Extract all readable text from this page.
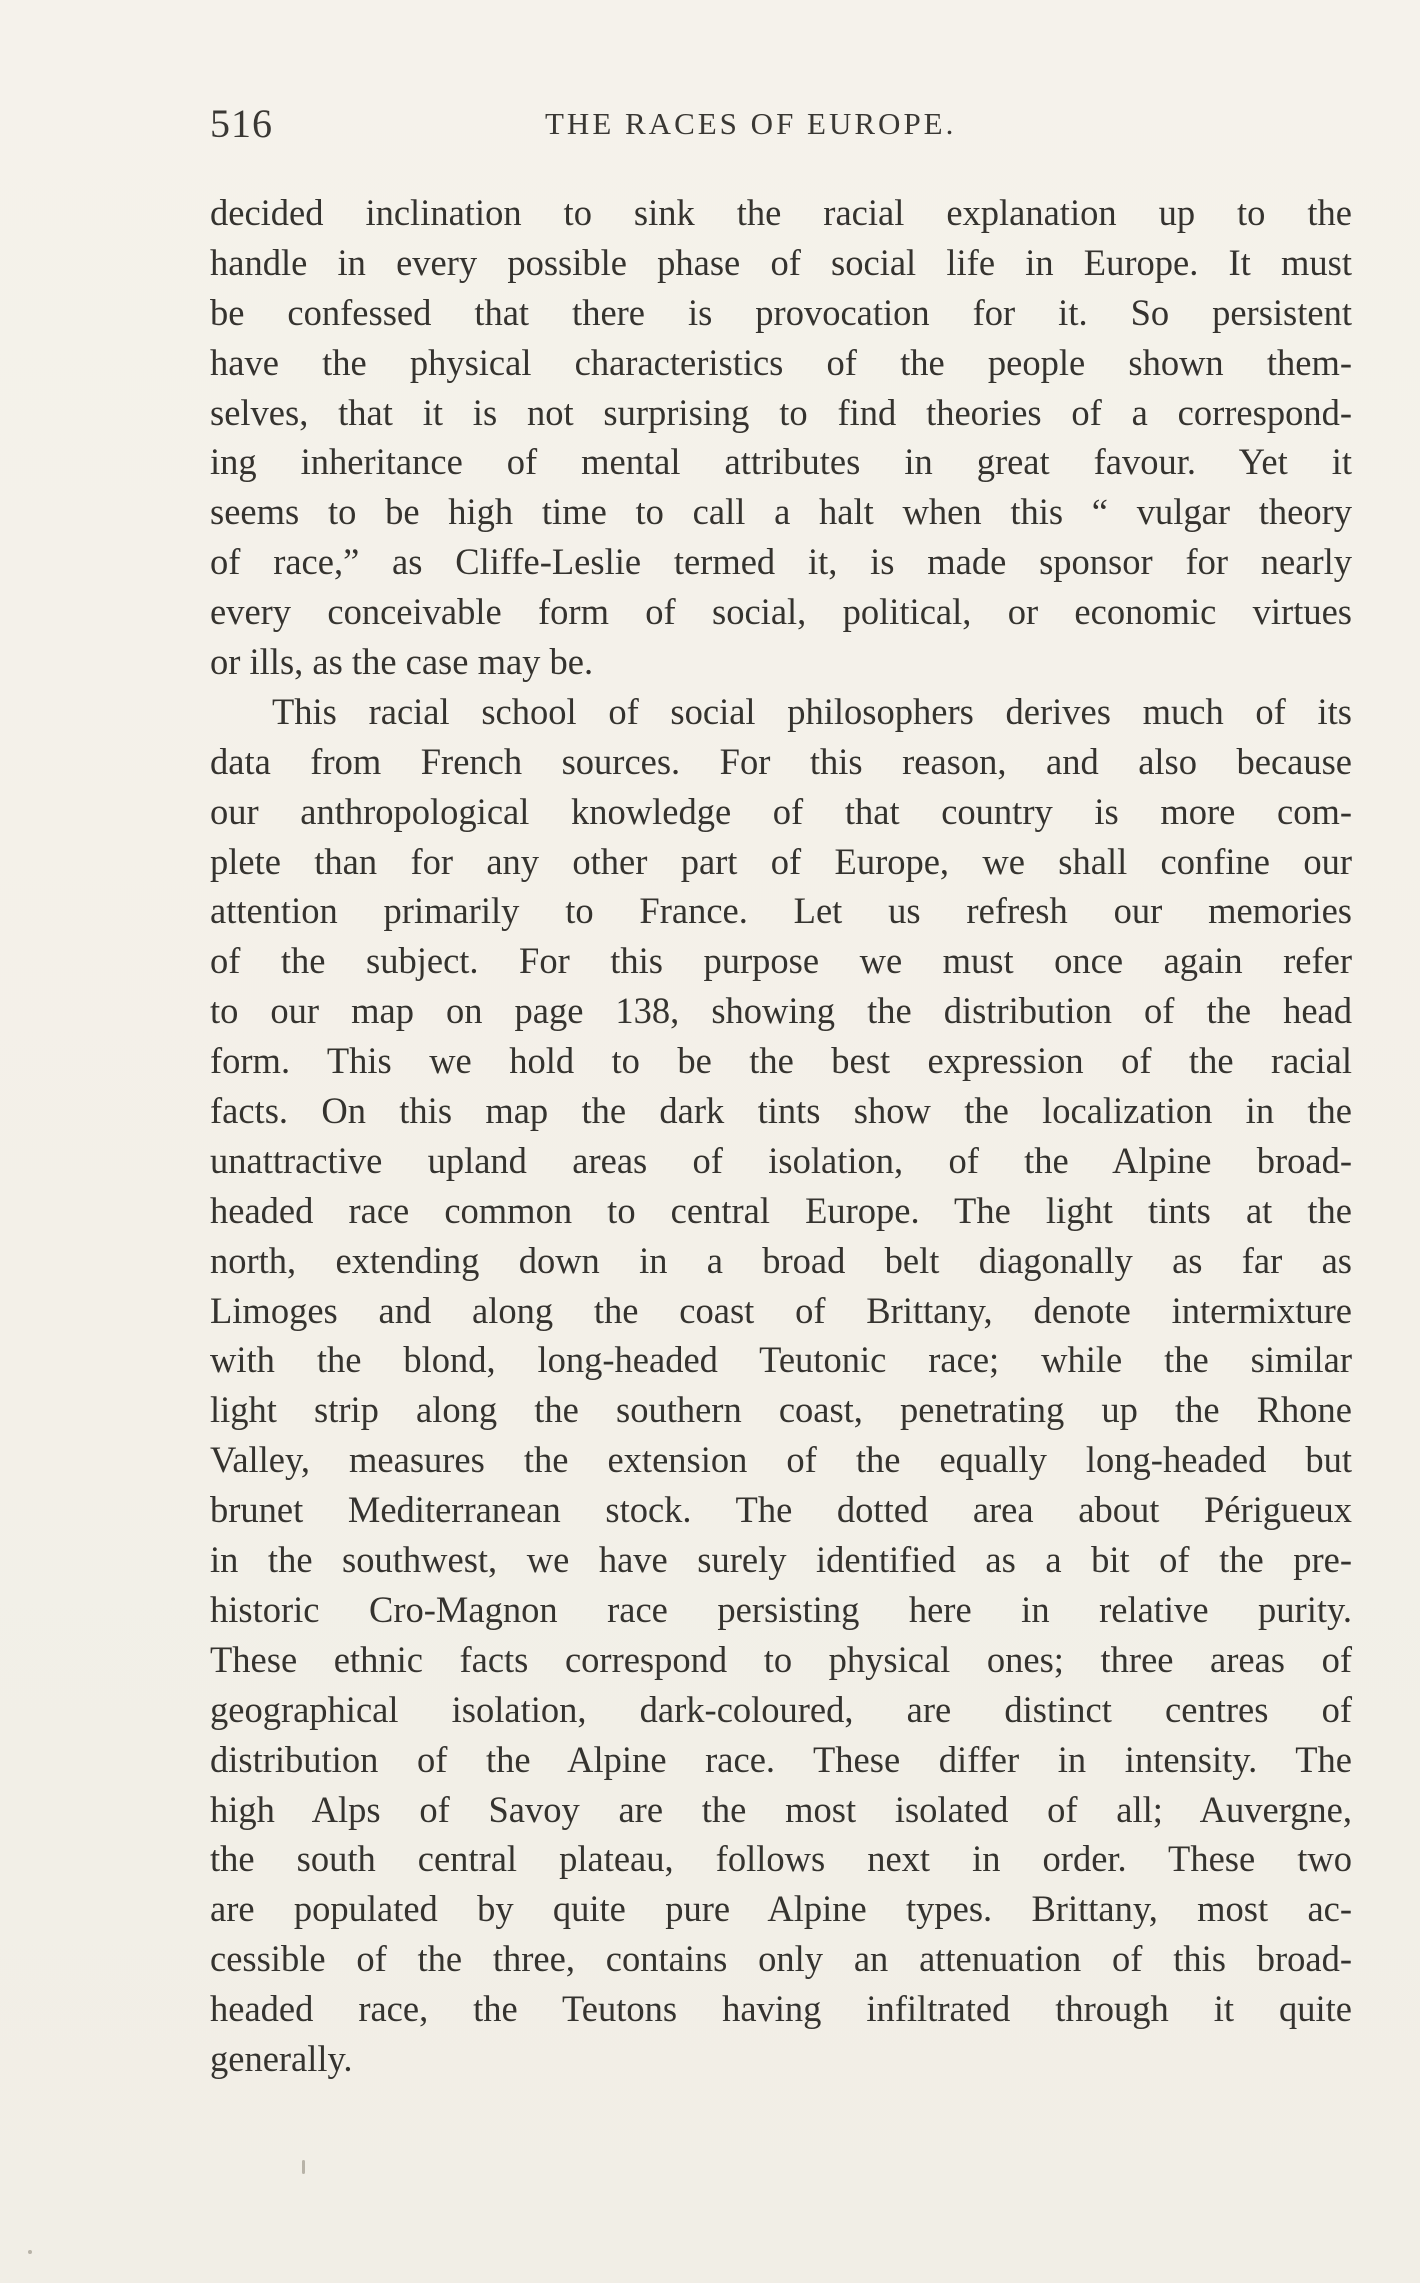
516	THE RACES OF EUROPE.
decided inclination to sink the racial explanation up to the
handle in every possible phase of social life in Europe. It must
be confessed that there is provocation for it. So persistent
have the physical characteristics of the people shown them-
selves, that it is not surprising to find theories of a correspond-
ing inheritance of mental attributes in great favour. Yet it
seems to be high time to call a halt when this “ vulgar theory
of race,” as Cliffe-Leslie termed it, is made sponsor for nearly
every conceivable form of social, political, or economic virtues
or ills, as the case may be.
This racial school of social philosophers derives much of its
data from French sources. For this reason, and also because
our anthropological knowledge of that country is more com-
plete than for any other part of Europe, we shall confine our
attention primarily to France. Let us refresh our memories
of the subject. For this purpose we must once again refer
to our map on page 138, showing the distribution of the head
form. This we hold to be the best expression of the racial
facts. On this map the dark tints show the localization in the
unattractive upland areas of isolation, of the Alpine broad-
headed race common to central Europe. The light tints at the
north, extending down in a broad belt diagonally as far as
Limoges and along the coast of Brittany, denote intermixture
with the blond, long-headed Teutonic race; while the similar
light strip along the southern coast, penetrating up the Rhone
Valley, measures the extension of the equally long-headed but
brunet Mediterranean stock. The dotted area about Périgueux
in the southwest, we have surely identified as a bit of the pre-
historic Cro-Magnon race persisting here in relative purity.
These ethnic facts correspond to physical ones; three areas of
geographical isolation, dark-coloured, are distinct centres of
distribution of the Alpine race. These differ in intensity. The
high Alps of Savoy are the most isolated of all; Auvergne,
the south central plateau, follows next in order. These two
are populated by quite pure Alpine types. Brittany, most ac-
cessible of the three, contains only an attenuation of this broad-
headed race, the Teutons having infiltrated through it quite
generally.
